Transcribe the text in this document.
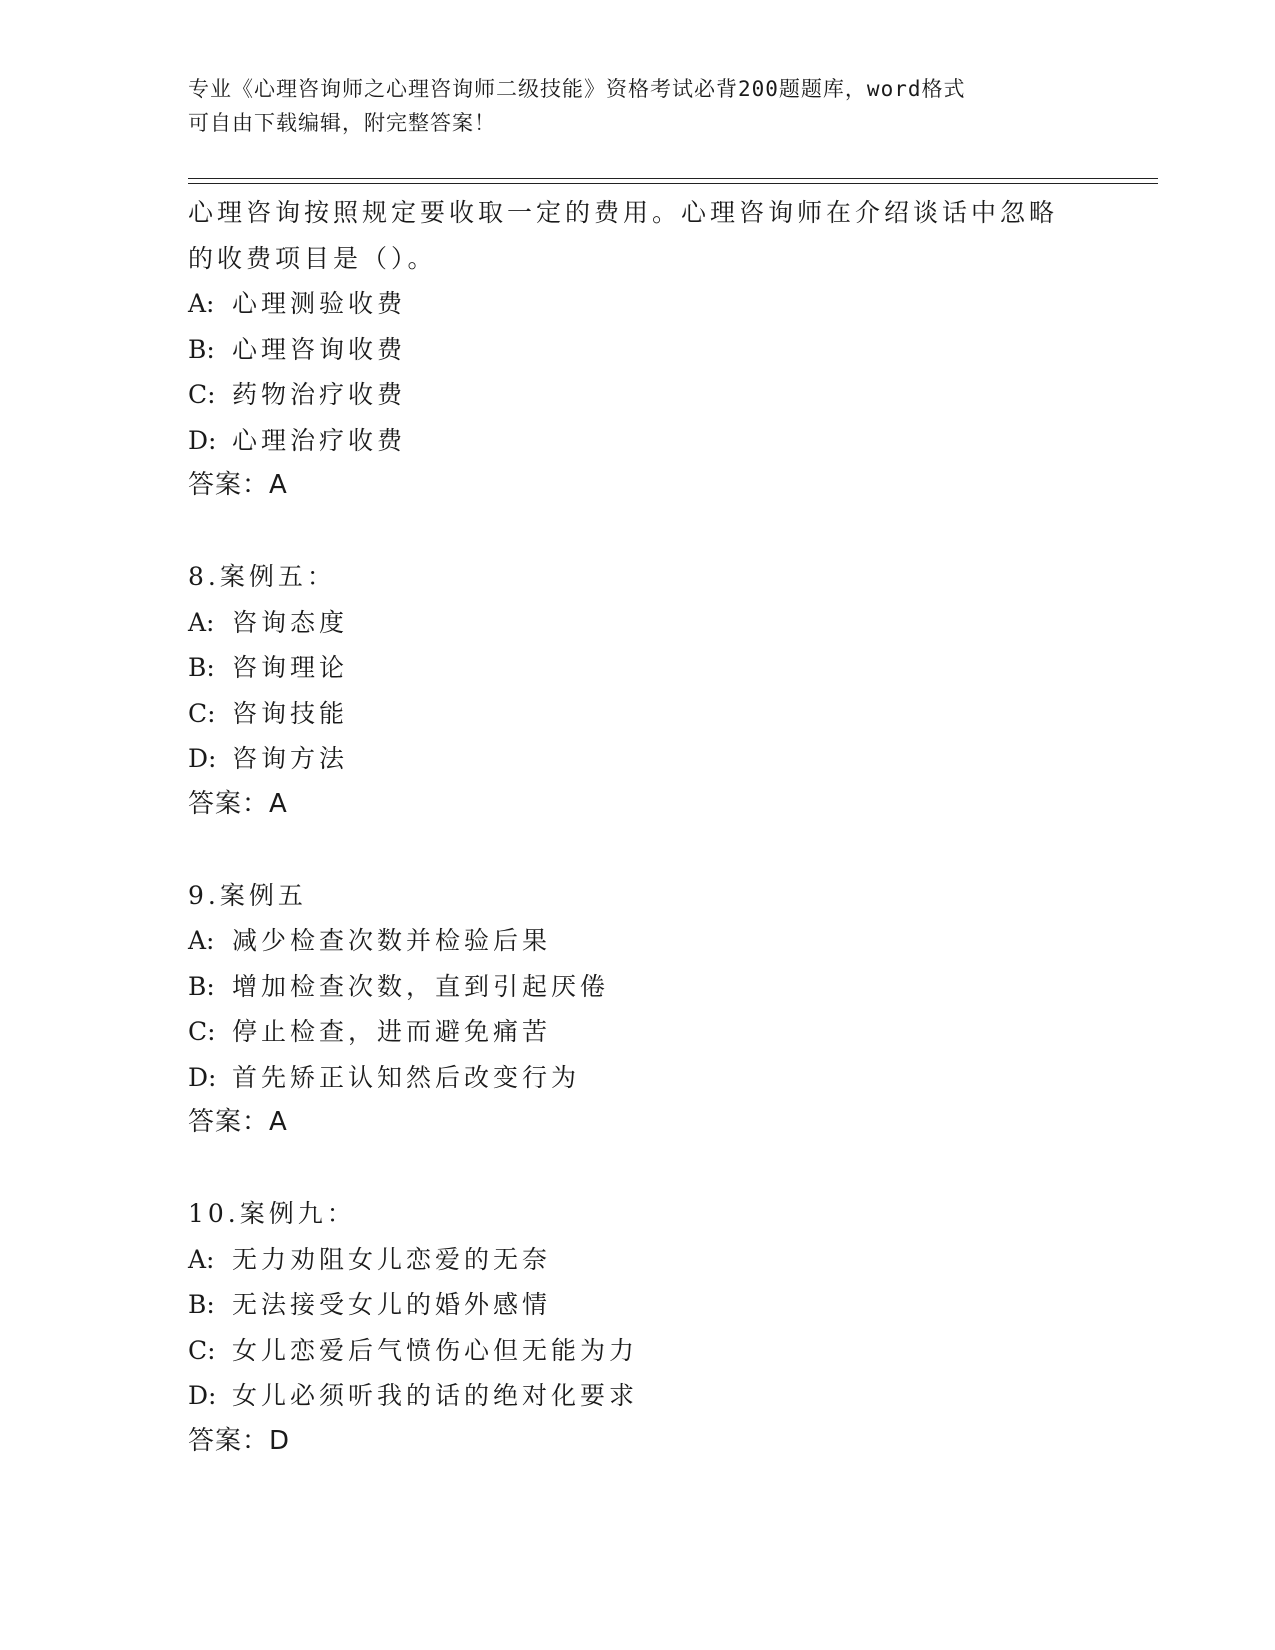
专业《心理咨询师之心理咨询师二级技能》资格考试必背200题题库，word格式
可自由下载编辑，附完整答案！
心理咨询按照规定要收取一定的费用。心理咨询师在介绍谈话中忽略
的收费项目是（）。
A: 心理测验收费
B: 心理咨询收费
C: 药物治疗收费
D: 心理治疗收费
答案：A
8.案例五：
A: 咨询态度
B: 咨询理论
C: 咨询技能
D: 咨询方法
答案：A
9.案例五
A: 减少检查次数并检验后果
B: 增加检查次数，直到引起厌倦
C: 停止检查，进而避免痛苦
D: 首先矫正认知然后改变行为
答案：A
10.案例九：
A: 无力劝阻女儿恋爱的无奈
B: 无法接受女儿的婚外感情
C: 女儿恋爱后气愤伤心但无能为力
D: 女儿必须听我的话的绝对化要求
答案：D
